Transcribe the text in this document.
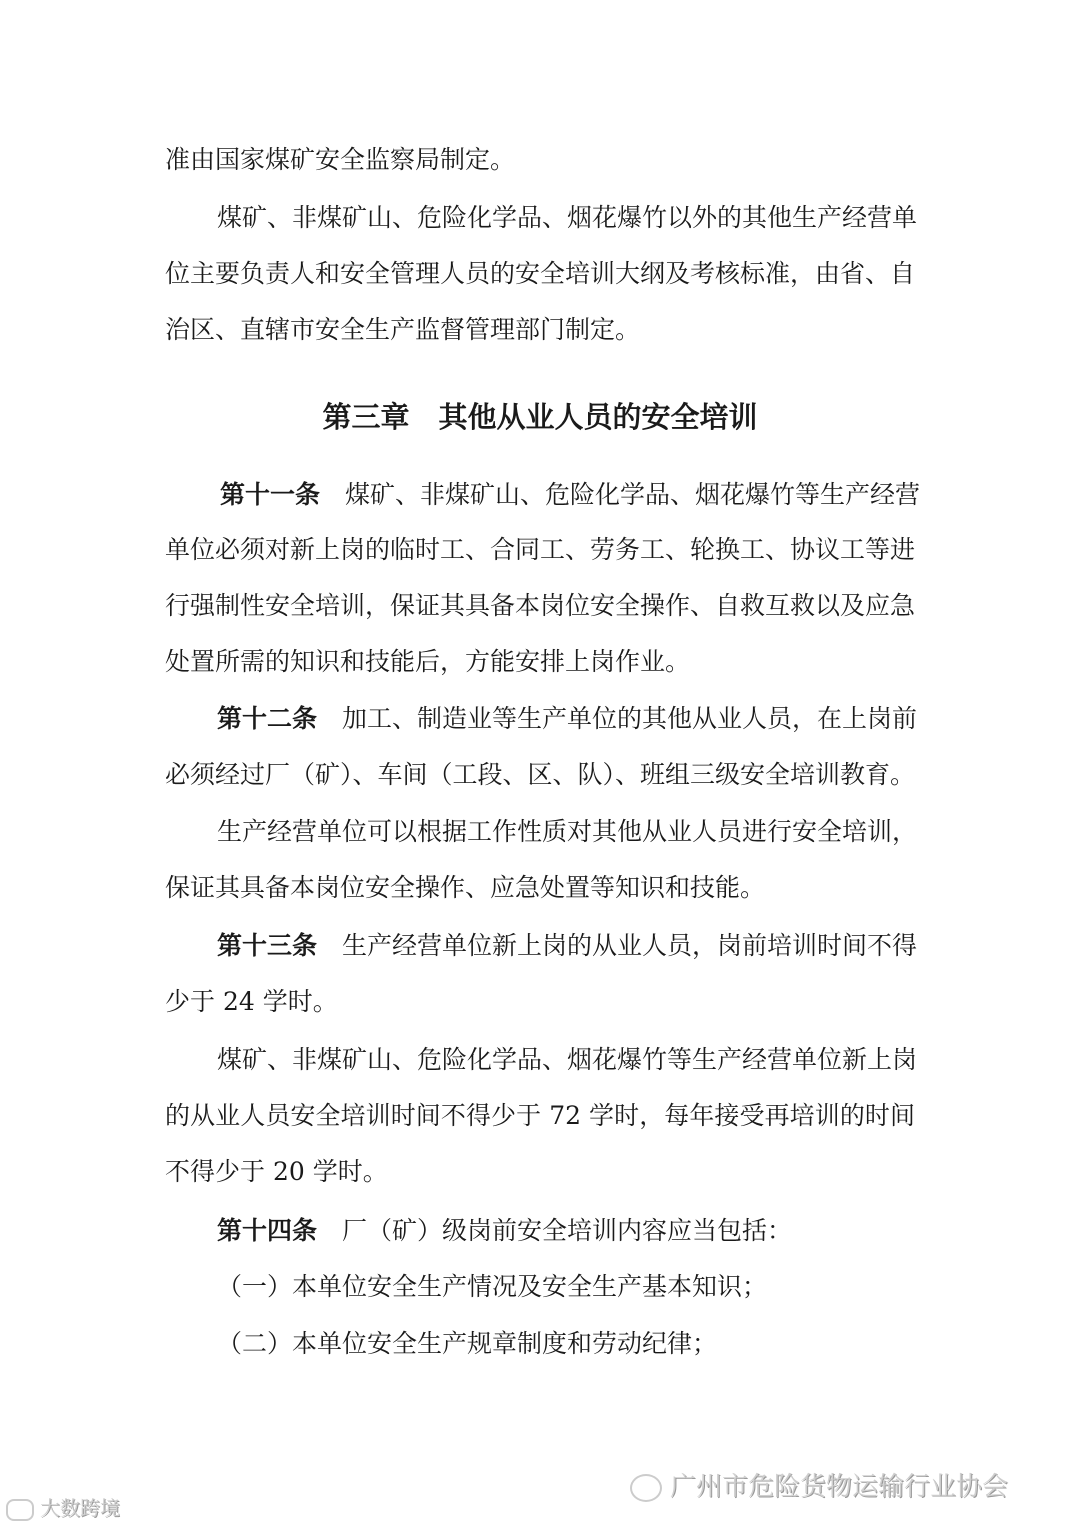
准由国家煤矿安全监察局制定。
煤矿、非煤矿山、危险化学品、烟花爆竹以外的其他生产经营单
位主要负责人和安全管理人员的安全培训大纲及考核标准，由省、自
治区、直辖市安全生产监督管理部门制定。
第三章　其他从业人员的安全培训
第十一条　煤矿、非煤矿山、危险化学品、烟花爆竹等生产经营
单位必须对新上岗的临时工、合同工、劳务工、轮换工、协议工等进
行强制性安全培训，保证其具备本岗位安全操作、自救互救以及应急
处置所需的知识和技能后，方能安排上岗作业。
第十二条　加工、制造业等生产单位的其他从业人员，在上岗前
必须经过厂（矿）、车间（工段、区、队）、班组三级安全培训教育。
生产经营单位可以根据工作性质对其他从业人员进行安全培训，
保证其具备本岗位安全操作、应急处置等知识和技能。
第十三条　生产经营单位新上岗的从业人员，岗前培训时间不得
少于 24 学时。
煤矿、非煤矿山、危险化学品、烟花爆竹等生产经营单位新上岗
的从业人员安全培训时间不得少于 72 学时，每年接受再培训的时间
不得少于 20 学时。
第十四条　厂（矿）级岗前安全培训内容应当包括：
（一）本单位安全生产情况及安全生产基本知识；
（二）本单位安全生产规章制度和劳动纪律；
广州市危险货物运输行业协会
大数跨境
